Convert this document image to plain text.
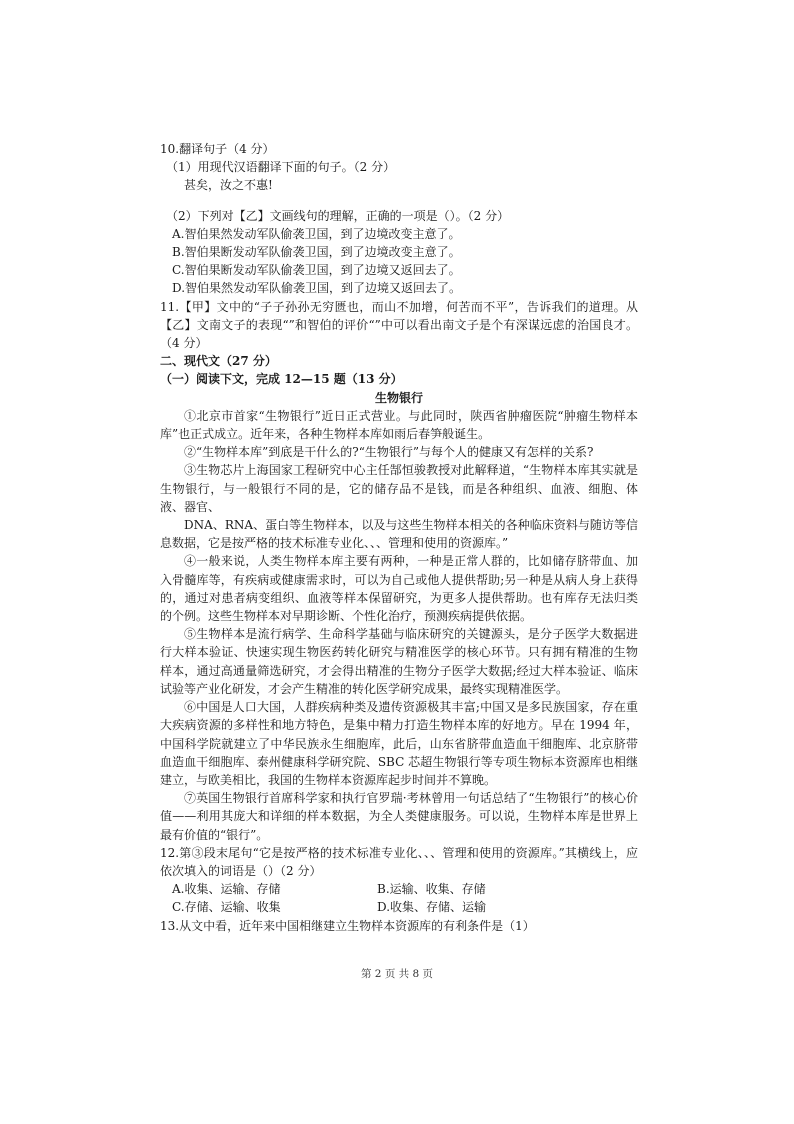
10.翻译句子（4 分）
（1）用现代汉语翻译下面的句子。（2 分）
甚矣，汝之不惠!
（2）下列对【乙】文画线句的理解，正确的一项是（）。（2 分）
A.智伯果然发动军队偷袭卫国，到了边境改变主意了。
B.智伯果断发动军队偷袭卫国，到了边境改变主意了。
C.智伯果断发动军队偷袭卫国，到了边境又返回去了。
D.智伯果然发动军队偷袭卫国，到了边境又返回去了。
11.【甲】文中的“子子孙孙无穷匮也，而山不加增，何苦而不平”，告诉我们的道理。从【乙】文南文子的表现“”和智伯的评价“”中可以看出南文子是个有深谋远虑的治国良才。（4 分）
二、现代文（27 分）
（一）阅读下文，完成 12—15 题（13 分）
生物银行
①北京市首家“生物银行”近日正式营业。与此同时，陕西省肿瘤医院“肿瘤生物样本库”也正式成立。近年来，各种生物样本库如雨后春笋般诞生。
②“生物样本库”到底是干什么的?“生物银行”与每个人的健康又有怎样的关系?
③生物芯片上海国家工程研究中心主任郜恒骏教授对此解释道，“生物样本库其实就是生物银行，与一般银行不同的是，它的储存品不是钱，而是各种组织、血液、细胞、体液、器官、
DNA、RNA、蛋白等生物样本，以及与这些生物样本相关的各种临床资料与随访等信息数据，它是按严格的技术标准专业化、、、管理和使用的资源库。”
④一般来说，人类生物样本库主要有两种，一种是正常人群的，比如储存脐带血、加入骨髓库等，有疾病或健康需求时，可以为自己或他人提供帮助;另一种是从病人身上获得的，通过对患者病变组织、血液等样本保留研究，为更多人提供帮助。也有库存无法归类的个例。这些生物样本对早期诊断、个性化治疗，预测疾病提供依据。
⑤生物样本是流行病学、生命科学基础与临床研究的关键源头，是分子医学大数据进行大样本验证、快速实现生物医药转化研究与精准医学的核心环节。只有拥有精准的生物样本，通过高通量筛选研究，才会得出精准的生物分子医学大数据;经过大样本验证、临床试验等产业化研发，才会产生精准的转化医学研究成果，最终实现精准医学。
⑥中国是人口大国，人群疾病种类及遗传资源极其丰富;中国又是多民族国家，存在重大疾病资源的多样性和地方特色，是集中精力打造生物样本库的好地方。早在 1994 年，中国科学院就建立了中华民族永生细胞库，此后，山东省脐带血造血干细胞库、北京脐带血造血干细胞库、泰州健康科学研究院、SBC 芯超生物银行等专项生物标本资源库也相继建立，与欧美相比，我国的生物样本资源库起步时间并不算晚。
⑦英国生物银行首席科学家和执行官罗瑞·考林曾用一句话总结了“生物银行”的核心价值——利用其庞大和详细的样本数据，为全人类健康服务。可以说，生物样本库是世界上最有价值的“银行”。
12.第③段末尾句“它是按严格的技术标准专业化、、、管理和使用的资源库。”其横线上，应依次填入的词语是（）（2 分）
A.收集、运输、存储	B.运输、收集、存储
C.存储、运输、收集	D.收集、存储、运输
13.从文中看，近年来中国相继建立生物样本资源库的有利条件是（1）
第 2 页 共 8 页
